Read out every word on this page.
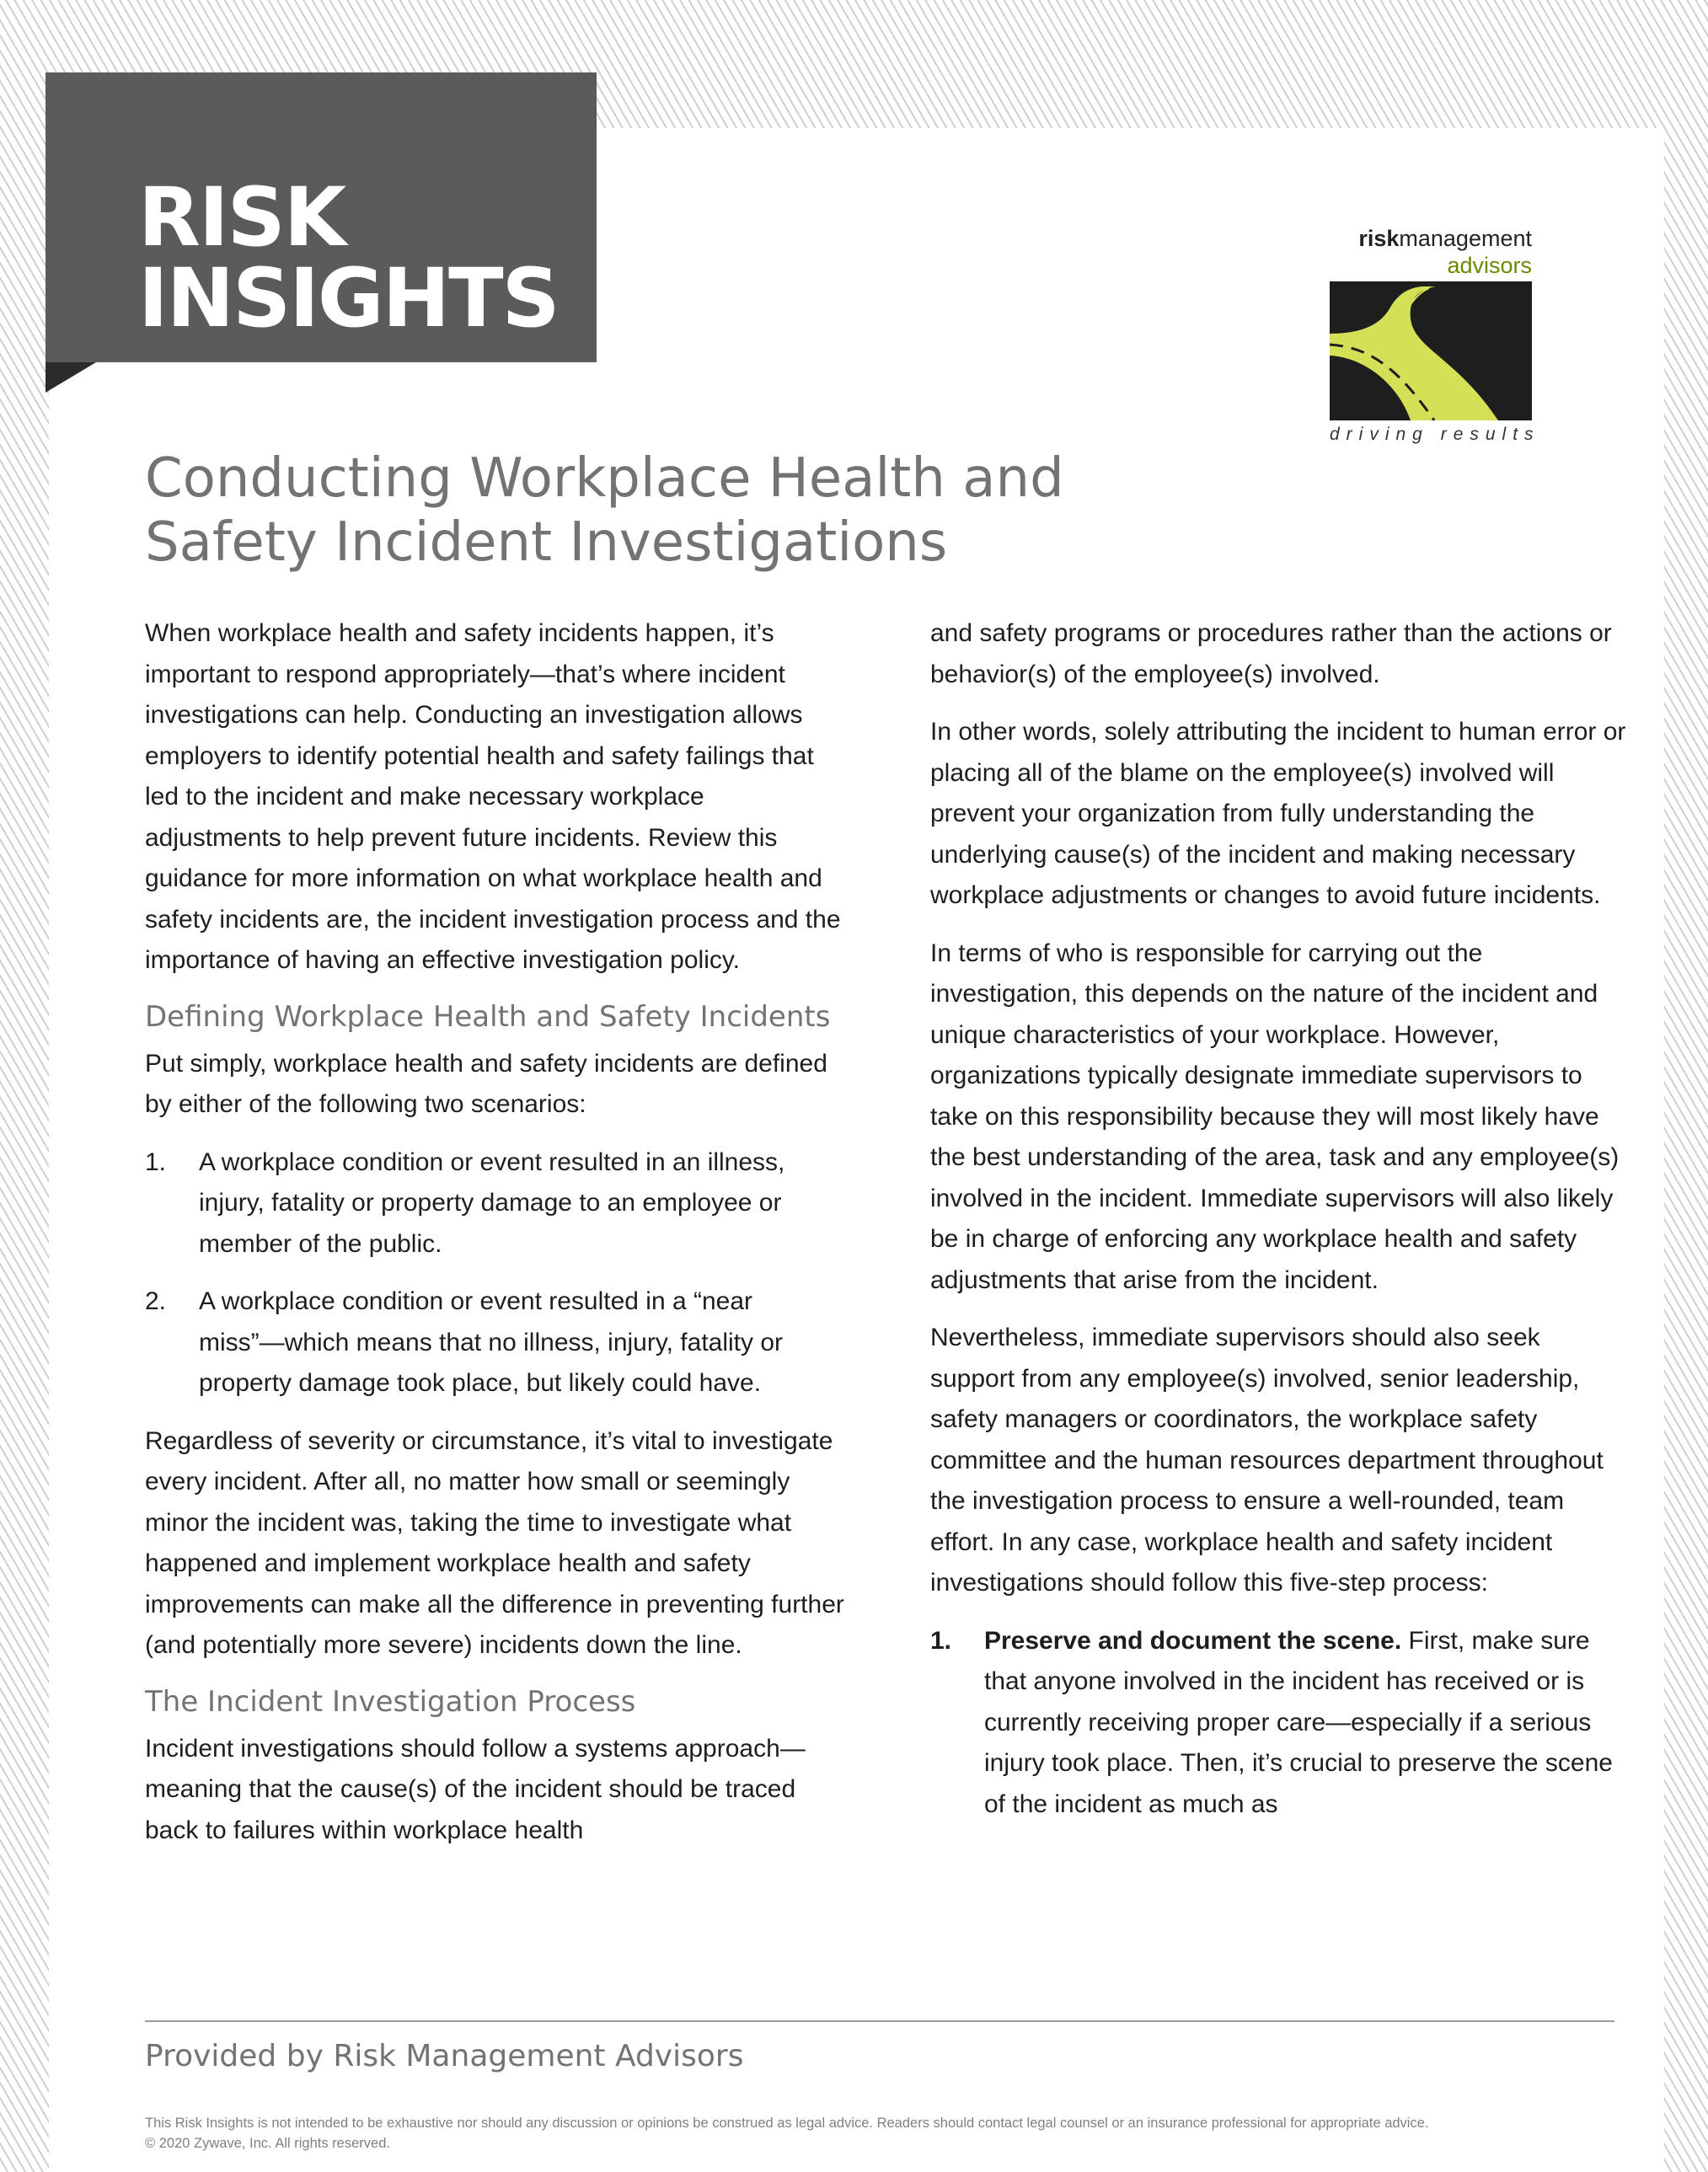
RISK
INSIGHTS
riskmanagement
advisors
driving results
Conducting Workplace Health and Safety Incident Investigations

When workplace health and safety incidents happen, it’s important to respond appropriately—that’s where incident investigations can help. Conducting an investigation allows employers to identify potential health and safety failings that led to the incident and make necessary workplace adjustments to help prevent future incidents. Review this guidance for more information on what workplace health and safety incidents are, the incident investigation process and the importance of having an effective investigation policy.

Defining Workplace Health and Safety Incidents

Put simply, workplace health and safety incidents are defined by either of the following two scenarios:

1. A workplace condition or event resulted in an illness, injury, fatality or property damage to an employee or member of the public.
2. A workplace condition or event resulted in a “near miss”—which means that no illness, injury, fatality or property damage took place, but likely could have.

Regardless of severity or circumstance, it’s vital to investigate every incident. After all, no matter how small or seemingly minor the incident was, taking the time to investigate what happened and implement workplace health and safety improvements can make all the difference in preventing further (and potentially more severe) incidents down the line.

The Incident Investigation Process

Incident investigations should follow a systems approach—meaning that the cause(s) of the incident should be traced back to failures within workplace health

and safety programs or procedures rather than the actions or behavior(s) of the employee(s) involved.

In other words, solely attributing the incident to human error or placing all of the blame on the employee(s) involved will prevent your organization from fully understanding the underlying cause(s) of the incident and making necessary workplace adjustments or changes to avoid future incidents.

In terms of who is responsible for carrying out the investigation, this depends on the nature of the incident and unique characteristics of your workplace. However, organizations typically designate immediate supervisors to take on this responsibility because they will most likely have the best understanding of the area, task and any employee(s) involved in the incident. Immediate supervisors will also likely be in charge of enforcing any workplace health and safety adjustments that arise from the incident.

Nevertheless, immediate supervisors should also seek support from any employee(s) involved, senior leadership, safety managers or coordinators, the workplace safety committee and the human resources department throughout the investigation process to ensure a well-rounded, team effort. In any case, workplace health and safety incident investigations should follow this five-step process:

1. Preserve and document the scene. First, make sure that anyone involved in the incident has received or is currently receiving proper care—especially if a serious injury took place. Then, it’s crucial to preserve the scene of the incident as much as
Provided by Risk Management Advisors
This Risk Insights is not intended to be exhaustive nor should any discussion or opinions be construed as legal advice. Readers should contact legal counsel or an insurance professional for appropriate advice.
© 2020 Zywave, Inc. All rights reserved.
